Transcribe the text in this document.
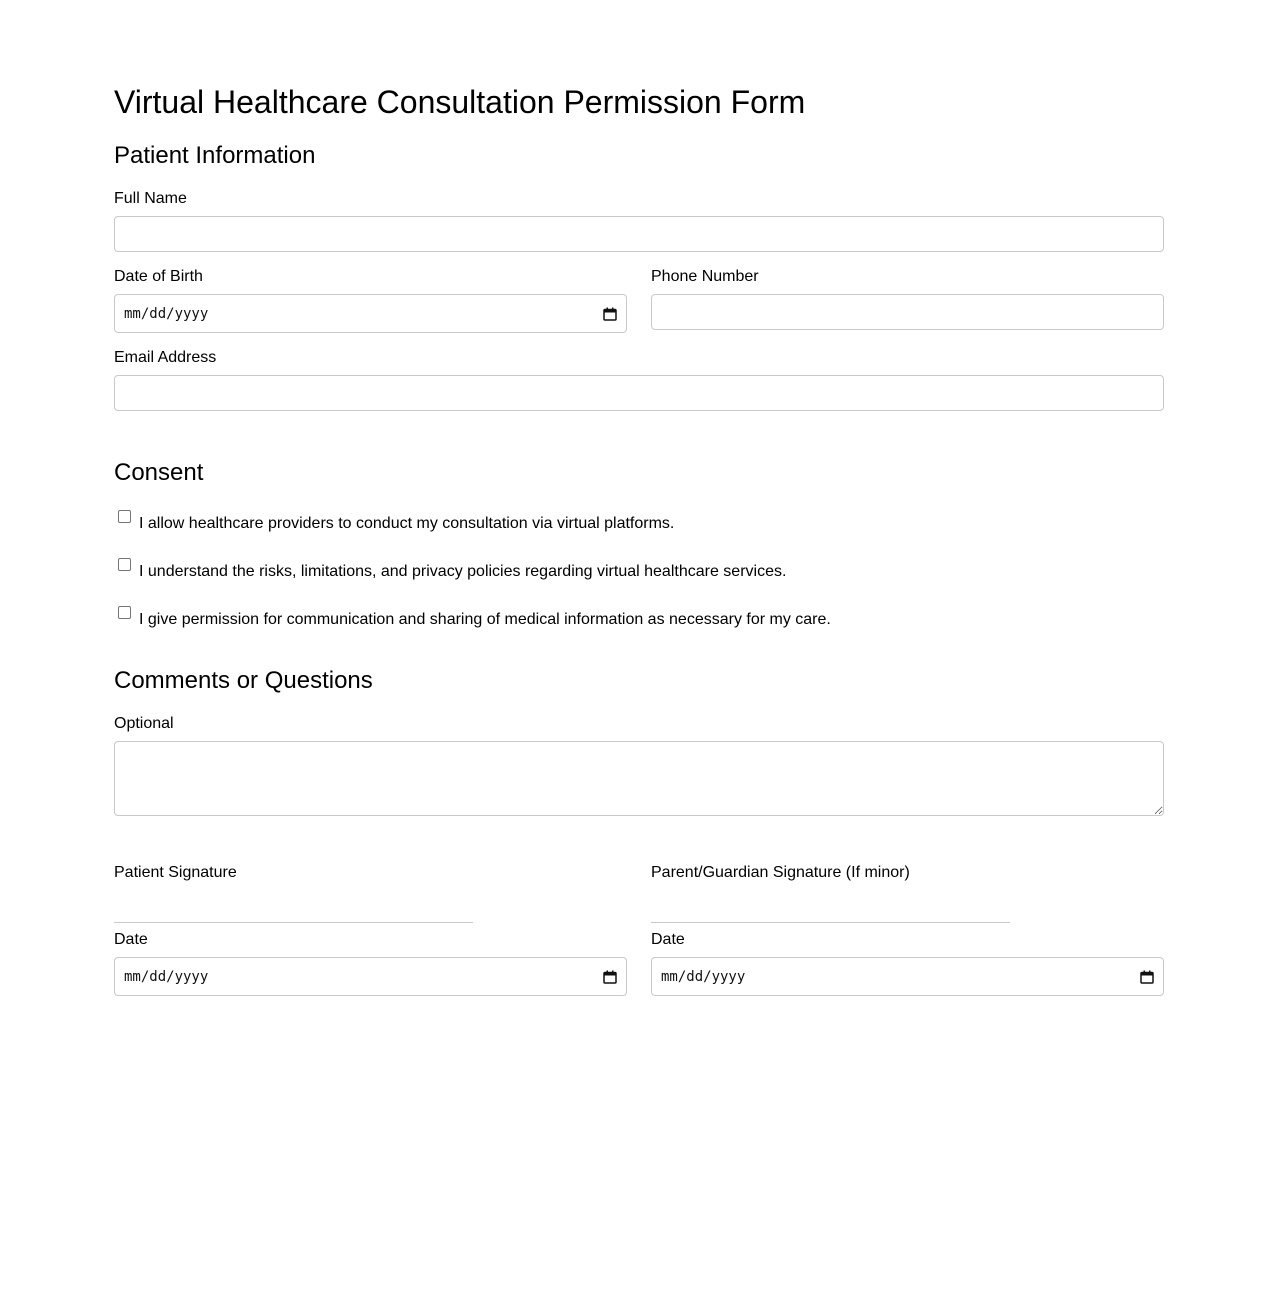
Virtual Healthcare Consultation Permission Form
Patient Information
Full Name
Date of Birth
mm/dd/yyyy
Phone Number
Email Address
Consent
I allow healthcare providers to conduct my consultation via virtual platforms.
I understand the risks, limitations, and privacy policies regarding virtual healthcare services.
I give permission for communication and sharing of medical information as necessary for my care.
Comments or Questions
Optional
Patient Signature	Parent/Guardian Signature (If minor)
Date
mm/dd/yyyy
Date
mm/dd/yyyy
